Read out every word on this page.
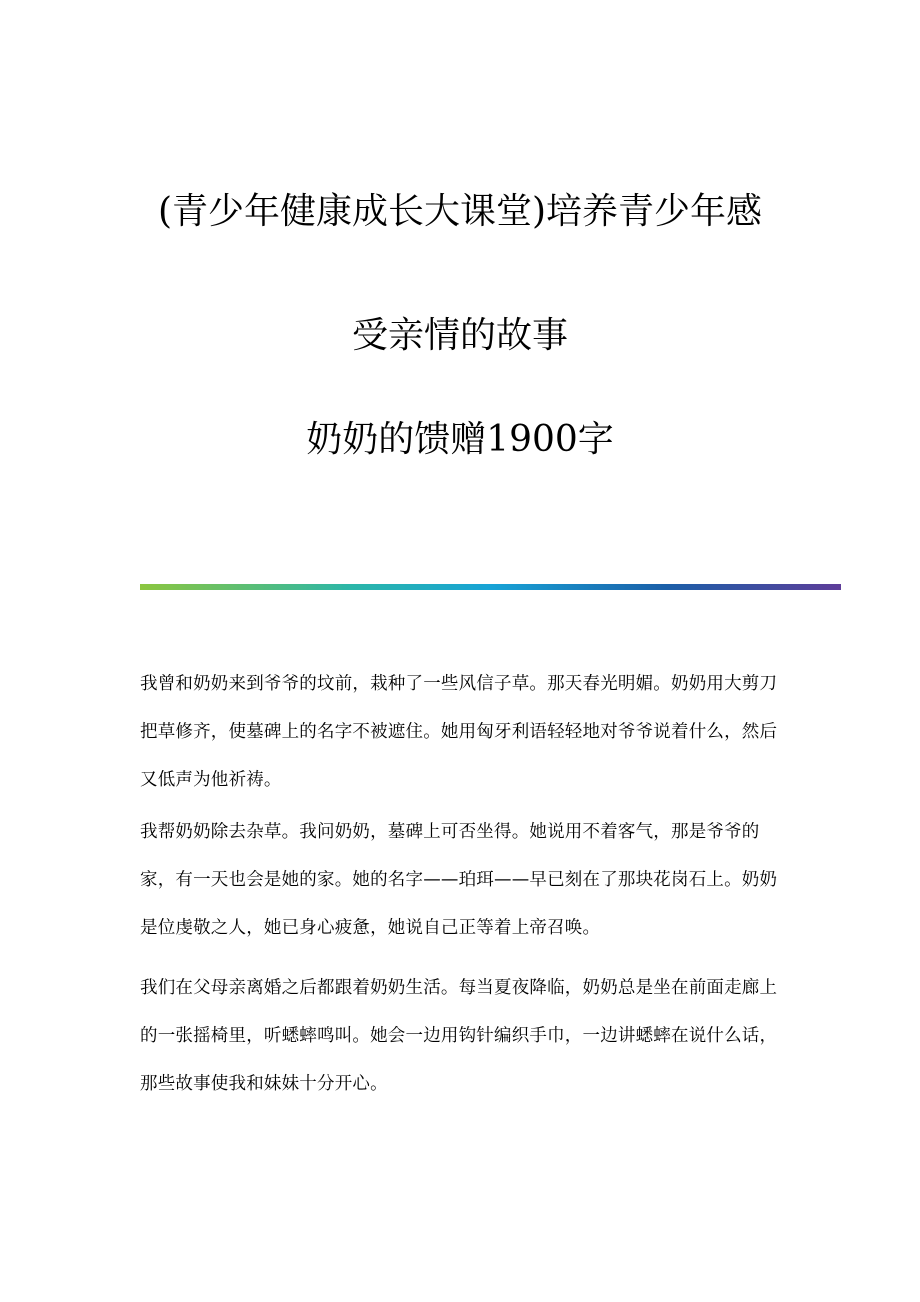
(青少年健康成长大课堂)培养青少年感
受亲情的故事
奶奶的馈赠1900字
我曾和奶奶来到爷爷的坟前，栽种了一些风信子草。那天春光明媚。奶奶用大剪刀把草修齐，使墓碑上的名字不被遮住。她用匈牙利语轻轻地对爷爷说着什么，然后又低声为他祈祷。
我帮奶奶除去杂草。我问奶奶，墓碑上可否坐得。她说用不着客气，那是爷爷的家，有一天也会是她的家。她的名字——珀珥——早已刻在了那块花岗石上。奶奶是位虔敬之人，她已身心疲惫，她说自己正等着上帝召唤。
我们在父母亲离婚之后都跟着奶奶生活。每当夏夜降临，奶奶总是坐在前面走廊上的一张摇椅里，听蟋蟀鸣叫。她会一边用钩针编织手巾，一边讲蟋蟀在说什么话，那些故事使我和妹妹十分开心。
